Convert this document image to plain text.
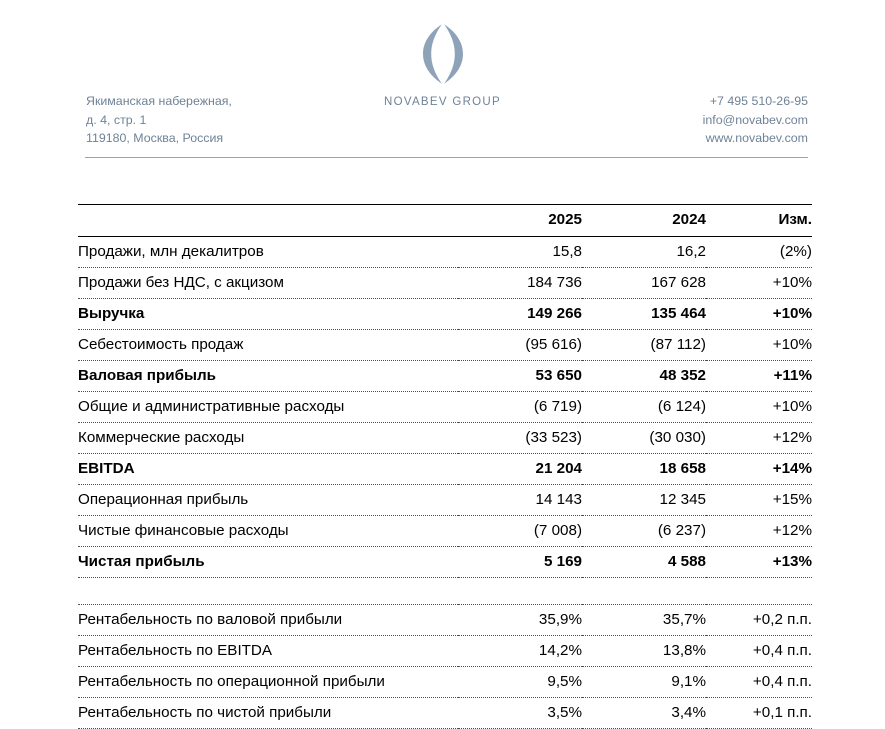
NOVABEV GROUP
Якиманская набережная,
д. 4, стр. 1
119180, Москва, Россия
+7 495 510-26-95
info@novabev.com
www.novabev.com
	2025	2024	Изм.
Продажи, млн декалитров	15,8	16,2	(2%)
Продажи без НДС, с акцизом	184 736	167 628	+10%
Выручка	149 266	135 464	+10%
Себестоимость продаж	(95 616)	(87 112)	+10%
Валовая прибыль	53 650	48 352	+11%
Общие и административные расходы	(6 719)	(6 124)	+10%
Коммерческие расходы	(33 523)	(30 030)	+12%
EBITDA	21 204	18 658	+14%
Операционная прибыль	14 143	12 345	+15%
Чистые финансовые расходы	(7 008)	(6 237)	+12%
Чистая прибыль	5 169	4 588	+13%

Рентабельность по валовой прибыли	35,9%	35,7%	+0,2 п.п.
Рентабельность по EBITDA	14,2%	13,8%	+0,4 п.п.
Рентабельность по операционной прибыли	9,5%	9,1%	+0,4 п.п.
Рентабельность по чистой прибыли	3,5%	3,4%	+0,1 п.п.
